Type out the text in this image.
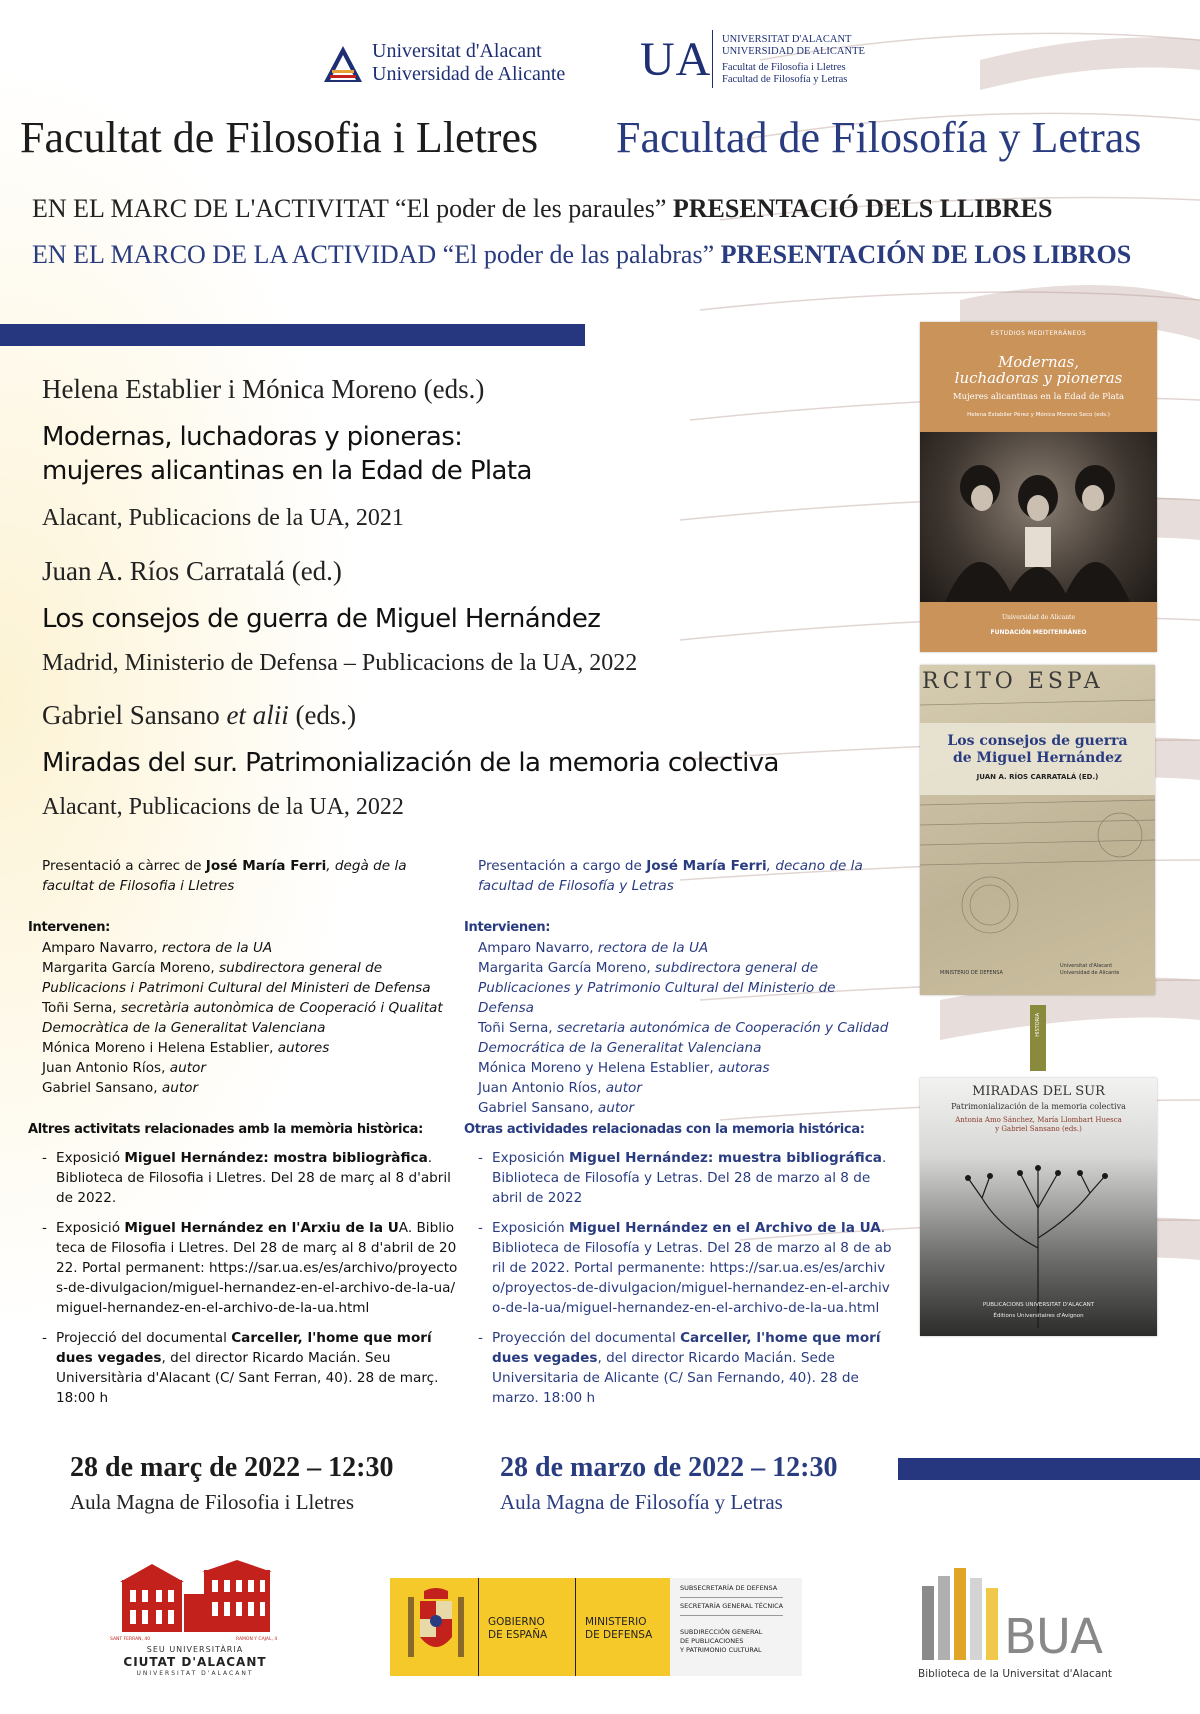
Universitat d'Alacant
Universidad de Alicante UA UNIVERSITAT D'ALACANT
UNIVERSIDAD DE ALICANTE
Facultat de Filosofia i Lletres
Facultad de Filosofía y Letras
Facultat de Filosofia i Lletres Facultad de Filosofía y Letras
EN EL MARC DE L'ACTIVITAT “El poder de les paraules” PRESENTACIÓ DELS LLIBRES
EN EL MARCO DE LA ACTIVIDAD “El poder de las palabras” PRESENTACIÓN DE LOS LIBROS
Helena Establier i Mónica Moreno (eds.)
Modernas, luchadoras y pioneras:
mujeres alicantinas en la Edad de Plata
Alacant, Publicacions de la UA, 2021
Juan A. Ríos Carratalá (ed.)
Los consejos de guerra de Miguel Hernández
Madrid, Ministerio de Defensa – Publicacions de la UA, 2022
Gabriel Sansano et alii (eds.)
Miradas del sur. Patrimonialización de la memoria colectiva
Alacant, Publicacions de la UA, 2022
ESTUDIOS MEDITERRÁNEOS
Modernas,
luchadoras y pioneras
Mujeres alicantinas en la Edad de Plata
Helena Establier Pérez y Mónica Moreno Seco (eds.)
Universidad de Alicante
FUNDACIÓN MEDITERRÁNEO
RCITO ESPA
Los consejos de guerra
de Miguel Hernández
JUAN A. RÍOS CARRATALÁ (ED.)
MINISTERIO DE DEFENSA
Universitat d'Alacant
Universidad de Alicante
HISTORIA
MIRADAS DEL SUR
Patrimonialización de la memoria colectiva
Antonia Amo Sánchez, María Llombart Huesca
y Gabriel Sansano (eds.)
PUBLICACIONS UNIVERSITAT D'ALACANT
Éditions Universitaires d'Avignon
Presentació a càrrec de José María Ferri, degà de la facultat de Filosofia i Lletres
Intervenen:
Amparo Navarro, rectora de la UA
Margarita García Moreno, subdirectora general de Publicacions i Patrimoni Cultural del Ministeri de Defensa
Toñi Serna, secretària autonòmica de Cooperació i Qualitat Democràtica de la Generalitat Valenciana
Mónica Moreno i Helena Establier, autores
Juan Antonio Ríos, autor
Gabriel Sansano, autor
Altres activitats relacionades amb la memòria històrica:
- Exposició Miguel Hernández: mostra bibliogràfica. Biblioteca de Filosofia i Lletres. Del 28 de març al 8 d'abril de 2022.
- Exposició Miguel Hernández en l'Arxiu de la UA. Biblioteca de Filosofia i Lletres. Del 28 de març al 8 d'abril de 2022. Portal permanent: https://sar.ua.es/es/archivo/proyectos-de-divulgacion/miguel-hernandez-en-el-archivo-de-la-ua/miguel-hernandez-en-el-archivo-de-la-ua.html
- Projecció del documental Carceller, l'home que morí dues vegades, del director Ricardo Macián. Seu Universitària d'Alacant (C/ Sant Ferran, 40). 28 de març. 18:00 h
Presentación a cargo de José María Ferri, decano de la facultad de Filosofía y Letras
Intervienen:
Amparo Navarro, rectora de la UA
Margarita García Moreno, subdirectora general de Publicaciones y Patrimonio Cultural del Ministerio de Defensa
Toñi Serna, secretaria autonómica de Cooperación y Calidad Democrática de la Generalitat Valenciana
Mónica Moreno y Helena Establier, autoras
Juan Antonio Ríos, autor
Gabriel Sansano, autor
Otras actividades relacionadas con la memoria histórica:
- Exposición Miguel Hernández: muestra bibliográfica. Biblioteca de Filosofía y Letras. Del 28 de marzo al 8 de abril de 2022
- Exposición Miguel Hernández en el Archivo de la UA. Biblioteca de Filosofía y Letras. Del 28 de marzo al 8 de abril de 2022. Portal permanente: https://sar.ua.es/es/archivo/proyectos-de-divulgacion/miguel-hernandez-en-el-archivo-de-la-ua/miguel-hernandez-en-el-archivo-de-la-ua.html
- Proyección del documental Carceller, l'home que morí dues vegades, del director Ricardo Macián. Sede Universitaria de Alicante (C/ San Fernando, 40). 28 de marzo. 18:00 h
28 de març de 2022 – 12:30
Aula Magna de Filosofia i Lletres
28 de marzo de 2022 – 12:30
Aula Magna de Filosofía y Letras
SANT FERRAN, 40	RAMON Y CAJAL, 4
SEU UNIVERSITÀRIA
CIUTAT D'ALACANT
UNIVERSITAT D'ALACANT
GOBIERNO
DE ESPAÑA
MINISTERIO
DE DEFENSA
SUBSECRETARÍA DE DEFENSA
SECRETARÍA GENERAL TÉCNICA
SUBDIRECCIÓN GENERAL
DE PUBLICACIONES
Y PATRIMONIO CULTURAL	BUA
Biblioteca de la Universitat d'Alacant
